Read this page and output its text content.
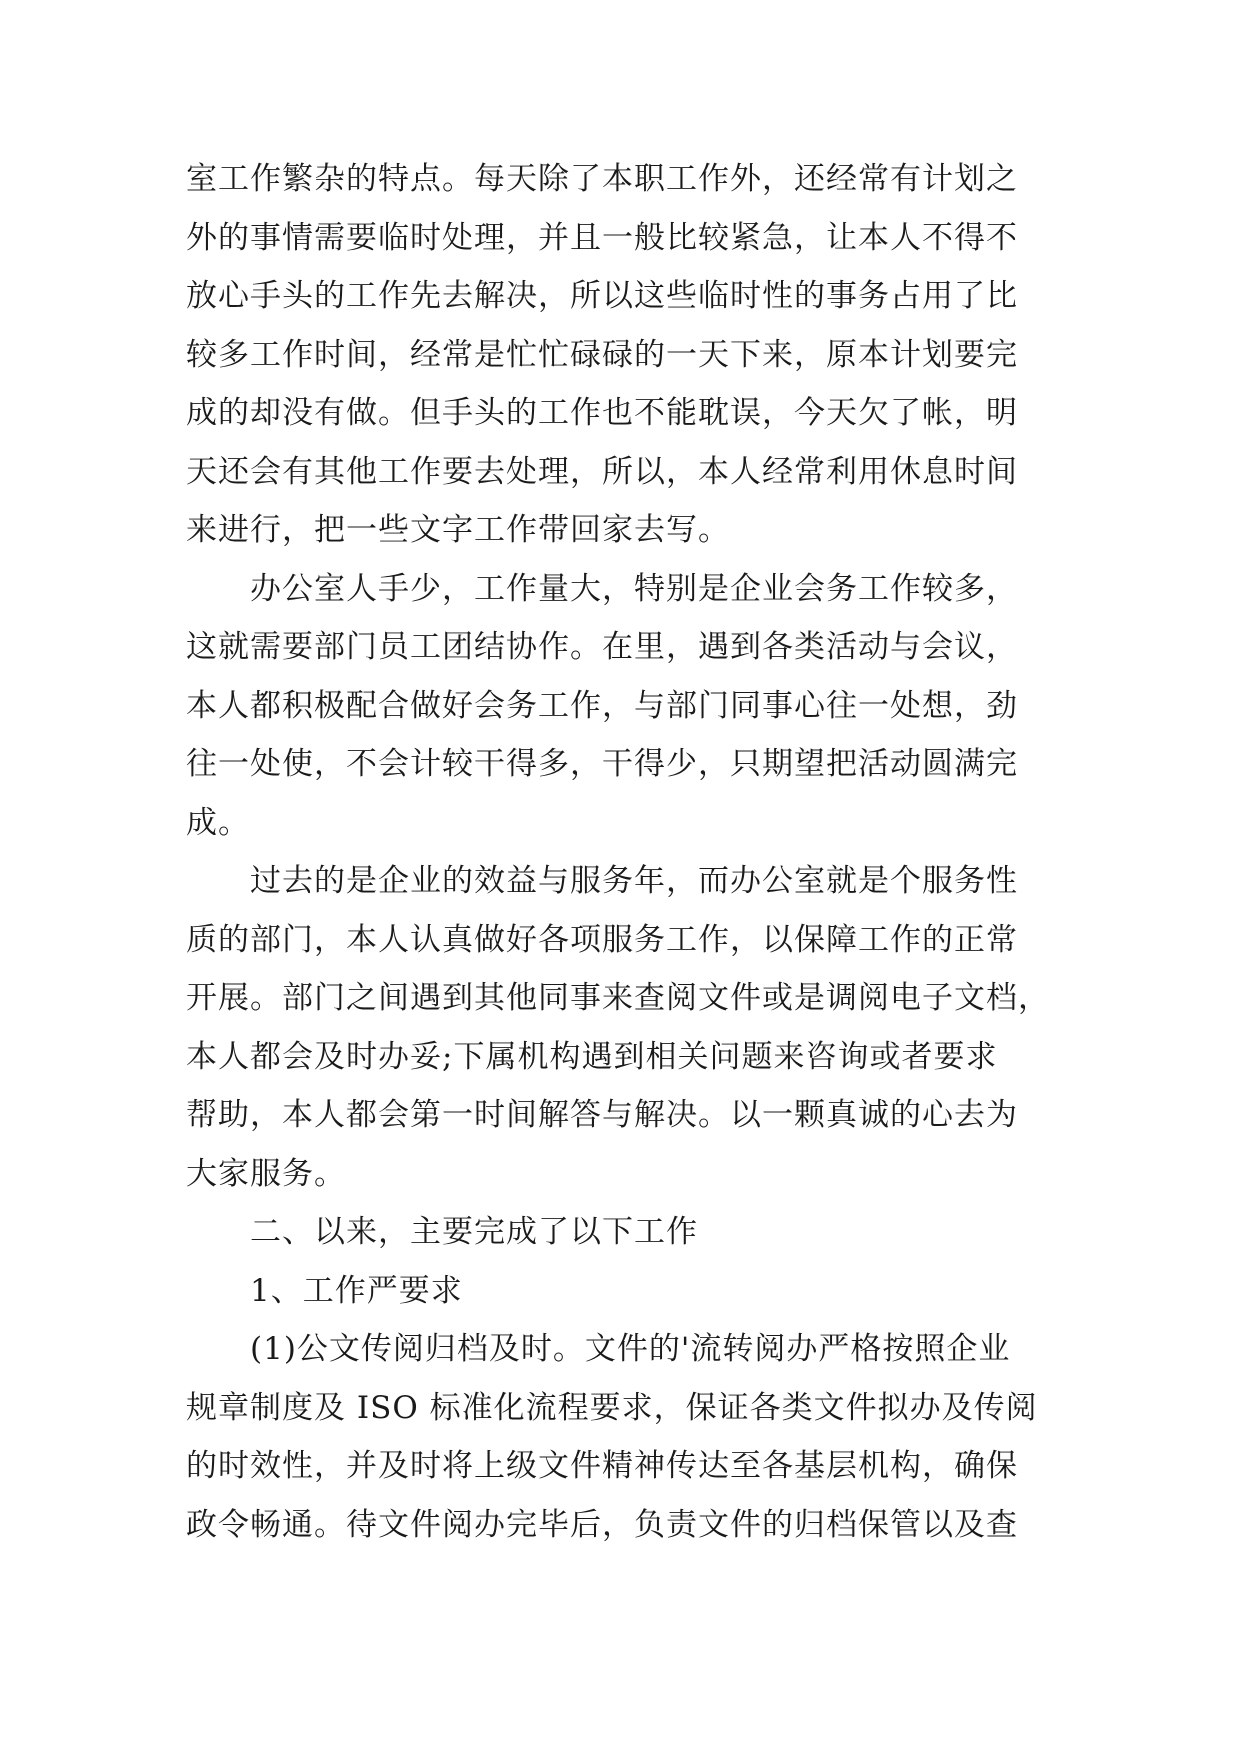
室工作繁杂的特点。每天除了本职工作外，还经常有计划之
外的事情需要临时处理，并且一般比较紧急，让本人不得不
放心手头的工作先去解决，所以这些临时性的事务占用了比
较多工作时间，经常是忙忙碌碌的一天下来，原本计划要完
成的却没有做。但手头的工作也不能耽误，今天欠了帐，明
天还会有其他工作要去处理，所以，本人经常利用休息时间
来进行，把一些文字工作带回家去写。
办公室人手少，工作量大，特别是企业会务工作较多，
这就需要部门员工团结协作。在里，遇到各类活动与会议，
本人都积极配合做好会务工作，与部门同事心往一处想，劲
往一处使，不会计较干得多，干得少，只期望把活动圆满完
成。
过去的是企业的效益与服务年，而办公室就是个服务性
质的部门，本人认真做好各项服务工作，以保障工作的正常
开展。部门之间遇到其他同事来查阅文件或是调阅电子文档，
本人都会及时办妥;下属机构遇到相关问题来咨询或者要求
帮助，本人都会第一时间解答与解决。以一颗真诚的心去为
大家服务。
二、以来，主要完成了以下工作
1、工作严要求
(1)公文传阅归档及时。文件的'流转阅办严格按照企业
规章制度及 ISO 标准化流程要求，保证各类文件拟办及传阅
的时效性，并及时将上级文件精神传达至各基层机构，确保
政令畅通。待文件阅办完毕后，负责文件的归档保管以及查
